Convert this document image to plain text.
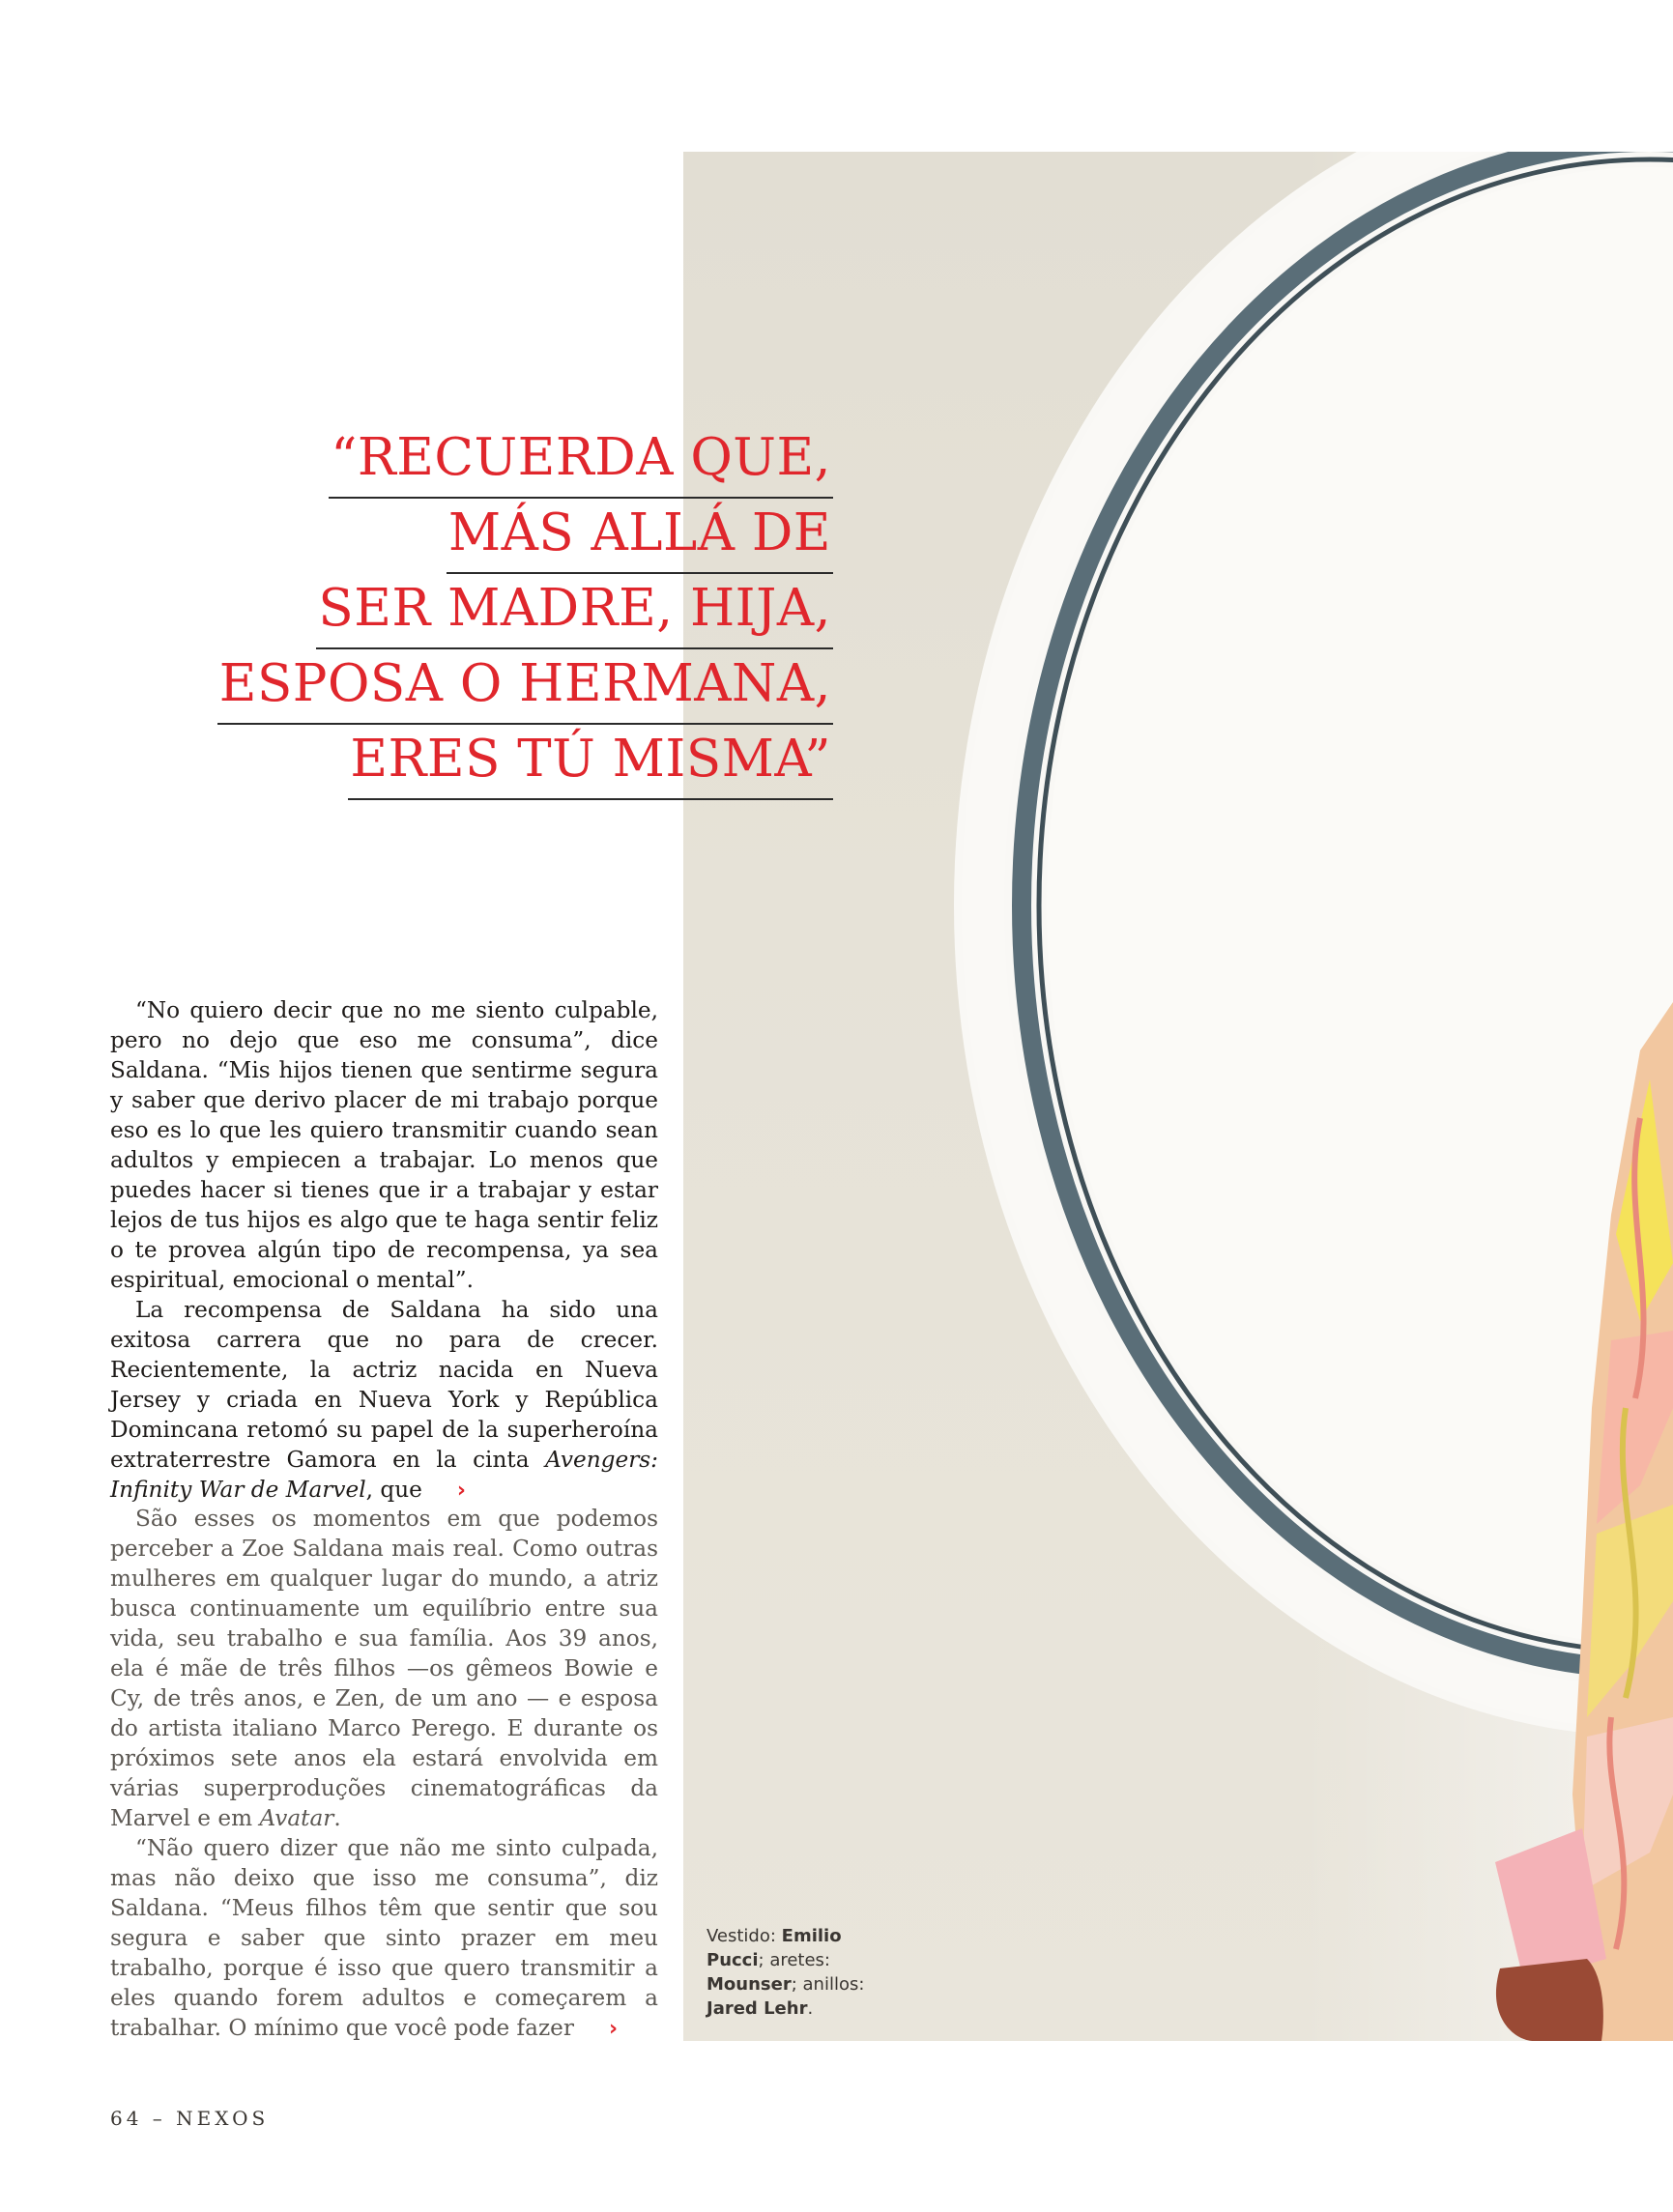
Vestido: Emilio Pucci; aretes: Mounser; anillos: Jared Lehr.
“RECUERDA QUE,
MÁS ALLÁ DE
SER MADRE, HIJA,
ESPOSA O HERMANA,
ERES TÚ MISMA”

“No quiero decir que no me siento culpable, pero no dejo que eso me consuma”, dice Saldana. “Mis hijos tienen que sentirme segura y saber que derivo placer de mi trabajo porque eso es lo que les quiero transmitir cuando sean adultos y empiecen a trabajar. Lo menos que puedes hacer si tienes que ir a trabajar y estar lejos de tus hijos es algo que te haga sentir feliz o te provea algún tipo de recompensa, ya sea espiritual, emocional o mental”.

La recompensa de Saldana ha sido una exitosa carrera que no para de crecer. Recientemente, la actriz nacida en Nueva Jersey y criada en Nueva York y República Domincana retomó su papel de la superheroína extraterrestre Gamora en la cinta Avengers: Infinity War de Marvel, que ›

São esses os momentos em que podemos perceber a Zoe Saldana mais real. Como outras mulheres em qualquer lugar do mundo, a atriz busca continuamente um equilíbrio entre sua vida, seu trabalho e sua família. Aos 39 anos, ela é mãe de três filhos —os gêmeos Bowie e Cy, de três anos, e Zen, de um ano — e esposa do artista italiano Marco Perego. E durante os próximos sete anos ela estará envolvida em várias superproduções cinematográficas da Marvel e em Avatar.

“Não quero dizer que não me sinto culpada, mas não deixo que isso me consuma”, diz Saldana. “Meus filhos têm que sentir que sou segura e saber que sinto prazer em meu trabalho, porque é isso que quero transmitir a eles quando forem adultos e começarem a trabalhar. O mínimo que você pode fazer ›

64 – NEXOS
